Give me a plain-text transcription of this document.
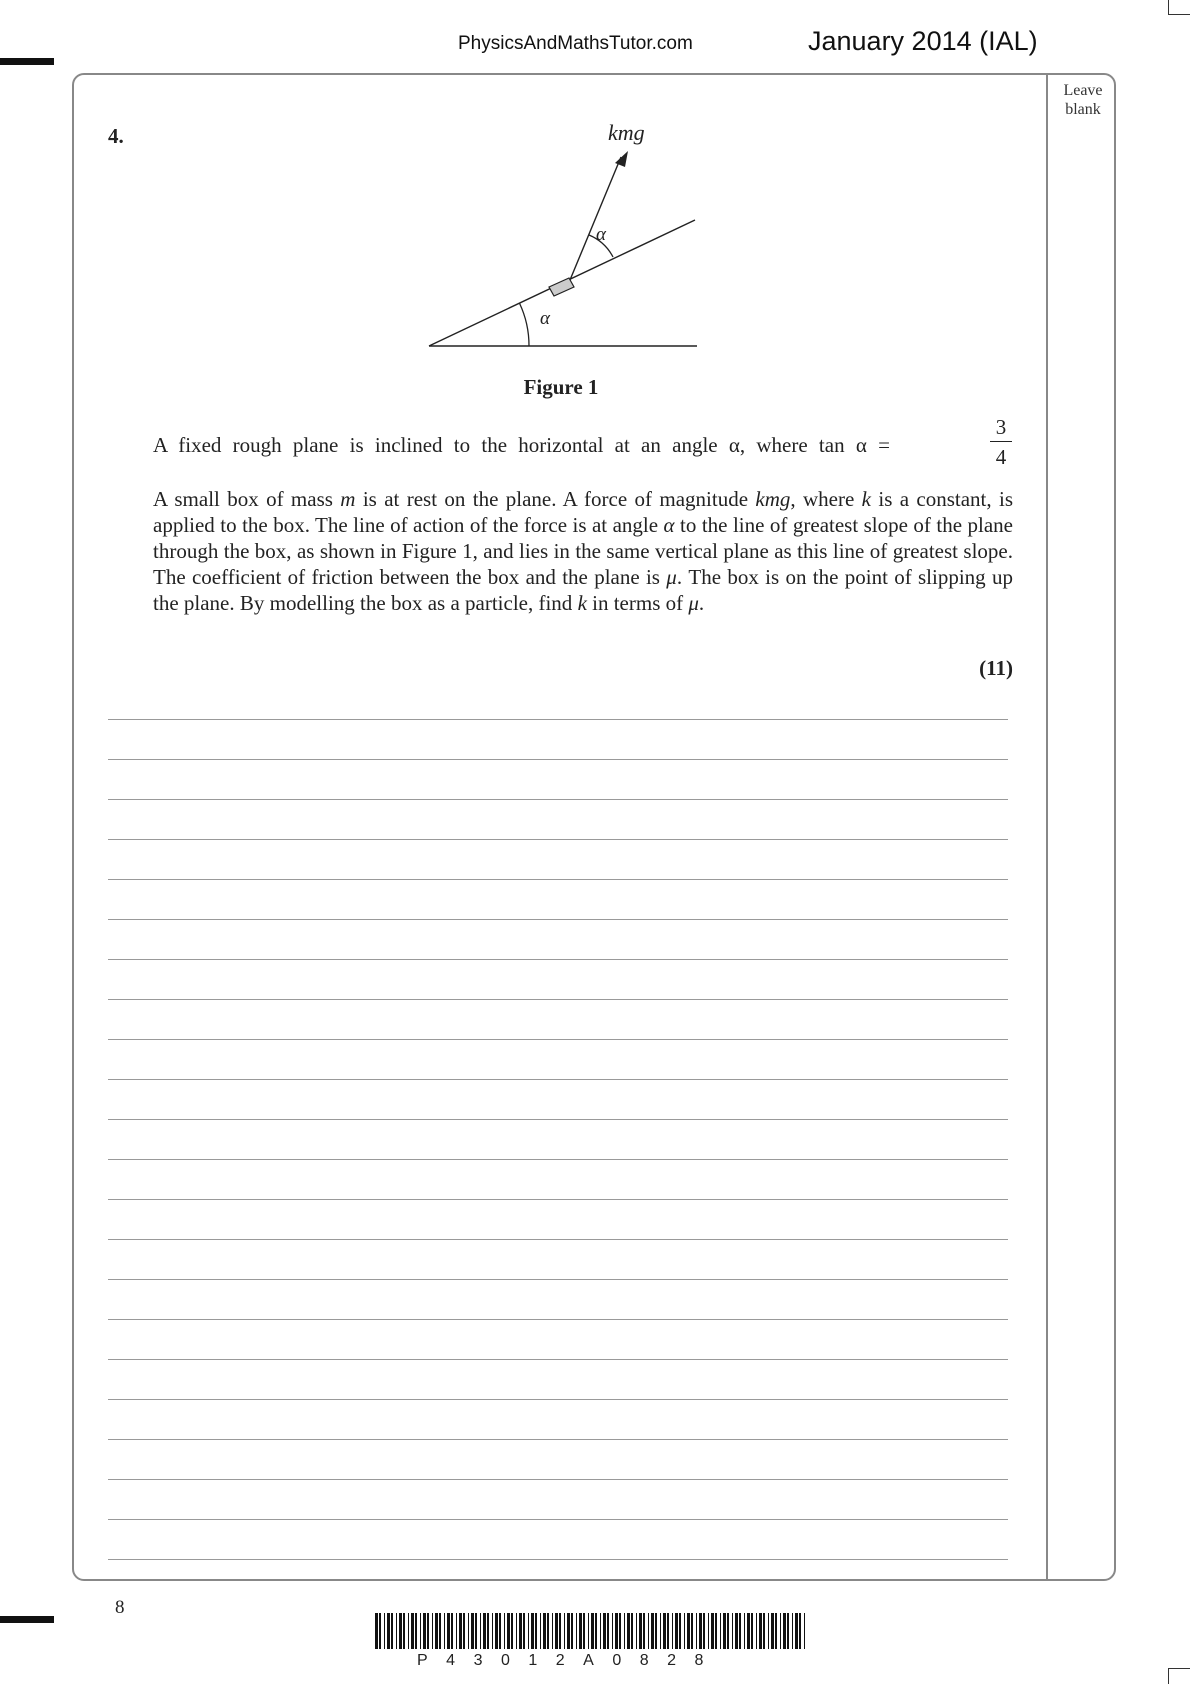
PhysicsAndMathsTutor.com	January 2014 (IAL)
Leave
blank
4.	kmg
α
α
Figure 1
A fixed rough plane is inclined to the horizontal at an angle α, where tan α =
3
4
A small box of mass m is at rest on the plane. A force of magnitude kmg, where k is a constant, is applied to the box. The line of action of the force is at angle α to the line of greatest slope of the plane through the box, as shown in Figure 1, and lies in the same vertical plane as this line of greatest slope. The coefficient of friction between the box and the plane is μ. The box is on the point of slipping up the plane. By modelling the box as a particle, find k in terms of μ.
(11)
8
P43012A0828
